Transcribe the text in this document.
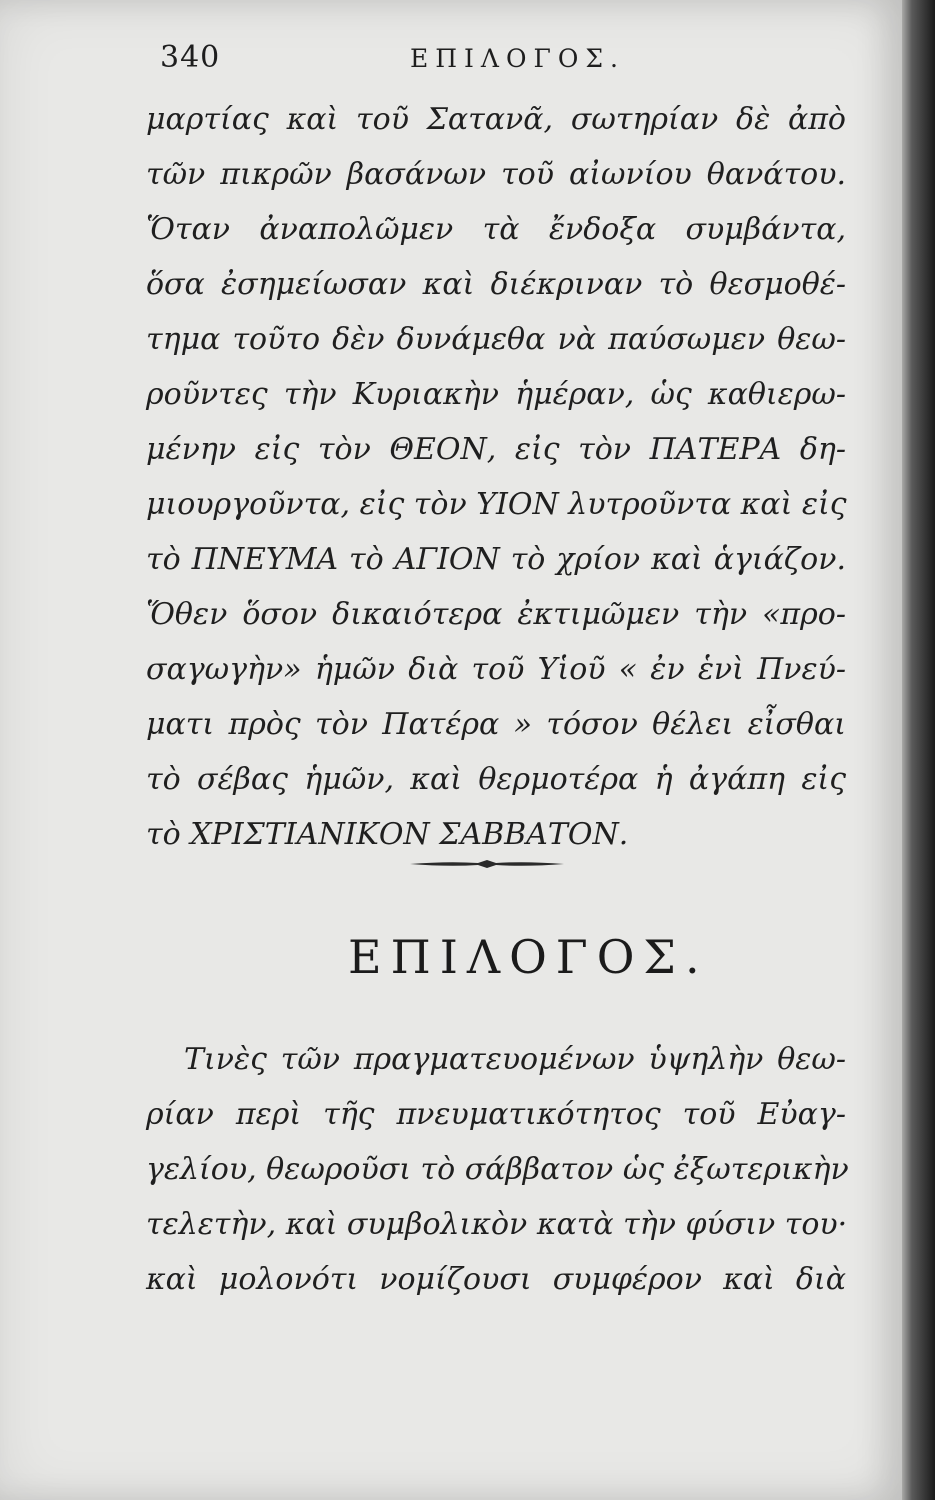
340	ΕΠΙΛΟΓΟΣ.
μαρτίας καὶ τοῦ Σατανᾶ, σωτηρίαν δὲ ἀπὸ
τῶν πικρῶν βασάνων τοῦ αἰωνίου θανάτου.
Ὅταν ἀναπολῶμεν τὰ ἔνδοξα συμβάντα,
ὅσα ἐσημείωσαν καὶ διέκριναν τὸ θεσμοθέ-
τημα τοῦτο δὲν δυνάμεθα νὰ παύσωμεν θεω-
ροῦντες τὴν Κυριακὴν ἡμέραν, ὡς καθιερω-
μένην εἰς τὸν ΘΕΟΝ, εἰς τὸν ΠΑΤΕΡΑ δη-
μιουργοῦντα, εἰς τὸν ΥΙΟΝ λυτροῦντα καὶ εἰς
τὸ ΠΝΕΥΜΑ τὸ ΑΓΙΟΝ τὸ χρίον καὶ ἁγιάζον.
Ὅθεν ὅσον δικαιότερα ἐκτιμῶμεν τὴν «προ-
σαγωγὴν» ἡμῶν διὰ τοῦ Υἱοῦ « ἐν ἑνὶ Πνεύ-
ματι πρὸς τὸν Πατέρα » τόσον θέλει εἶσθαι
τὸ σέβας ἡμῶν, καὶ θερμοτέρα ἡ ἀγάπη εἰς
τὸ ΧΡΙΣΤΙΑΝΙΚΟΝ ΣΑΒΒΑΤΟΝ.
ΕΠΙΛΟΓΟΣ.
Τινὲς τῶν πραγματευομένων ὑψηλὴν θεω-
ρίαν περὶ τῆς πνευματικότητος τοῦ Εὐαγ-
γελίου, θεωροῦσι τὸ σάββατον ὡς ἐξωτερικὴν
τελετὴν, καὶ συμβολικὸν κατὰ τὴν φύσιν του·
καὶ μολονότι νομίζουσι συμφέρον καὶ διὰ
